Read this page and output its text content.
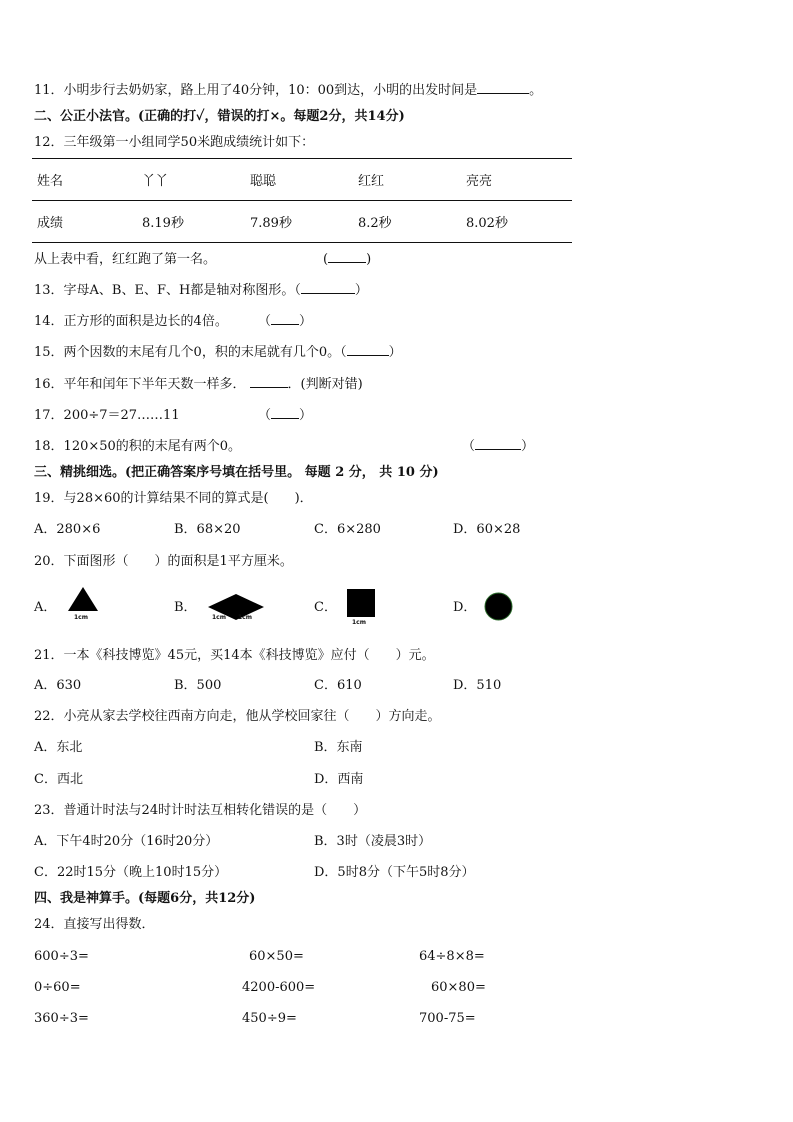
11．小明步行去奶奶家，路上用了40分钟，10：00到达，小明的出发时间是	。
二、公正小法官。(正确的打✓，错误的打×。每题2分，共14分)
12．三年级第一小组同学50米跑成绩统计如下：
姓名	丫丫	聪聪	红红	亮亮
成绩	8.19秒	7.89秒	8.2秒	8.02秒
从上表中看，红红跑了第一名。	(	)
13．字母A、B、E、F、H都是轴对称图形。（	）
14．正方形的面积是边长的4倍。 （ ）
15．两个因数的末尾有几个0，积的末尾就有几个0。（	）
16．平年和闰年下半年天数一样多．	．(判断对错)
17．200÷7＝27……11	（ ）
18．120×50的积的末尾有两个0。	（	）
三、精挑细选。(把正确答案序号填在括号里。 每题 2 分， 共 10 分)
19．与28×60的计算结果不同的算式是(　　)．
A．280×6	B．68×20	C．6×280	D．60×28
20．下面图形（　　）的面积是1平方厘米。
A．
1cm
B．
1cm 1cm
C．
1cm
D．
21．一本《科技博览》45元，买14本《科技博览》应付（　　）元。
A．630	B．500	C．610	D．510
22．小亮从家去学校往西南方向走，他从学校回家往（　　）方向走。
A．东北	B．东南
C．西北	D．西南
23．普通计时法与24时计时法互相转化错误的是（　　）
A．下午4时20分（16时20分）	B．3时（凌晨3时）
C．22时15分（晚上10时15分）	D．5时8分（下午5时8分）
四、我是神算手。(每题6分，共12分)
24．直接写出得数．
600÷3=	60×50=	64÷8×8=
0÷60=	4200-600=	60×80=
360÷3=	450÷9=	700-75=
